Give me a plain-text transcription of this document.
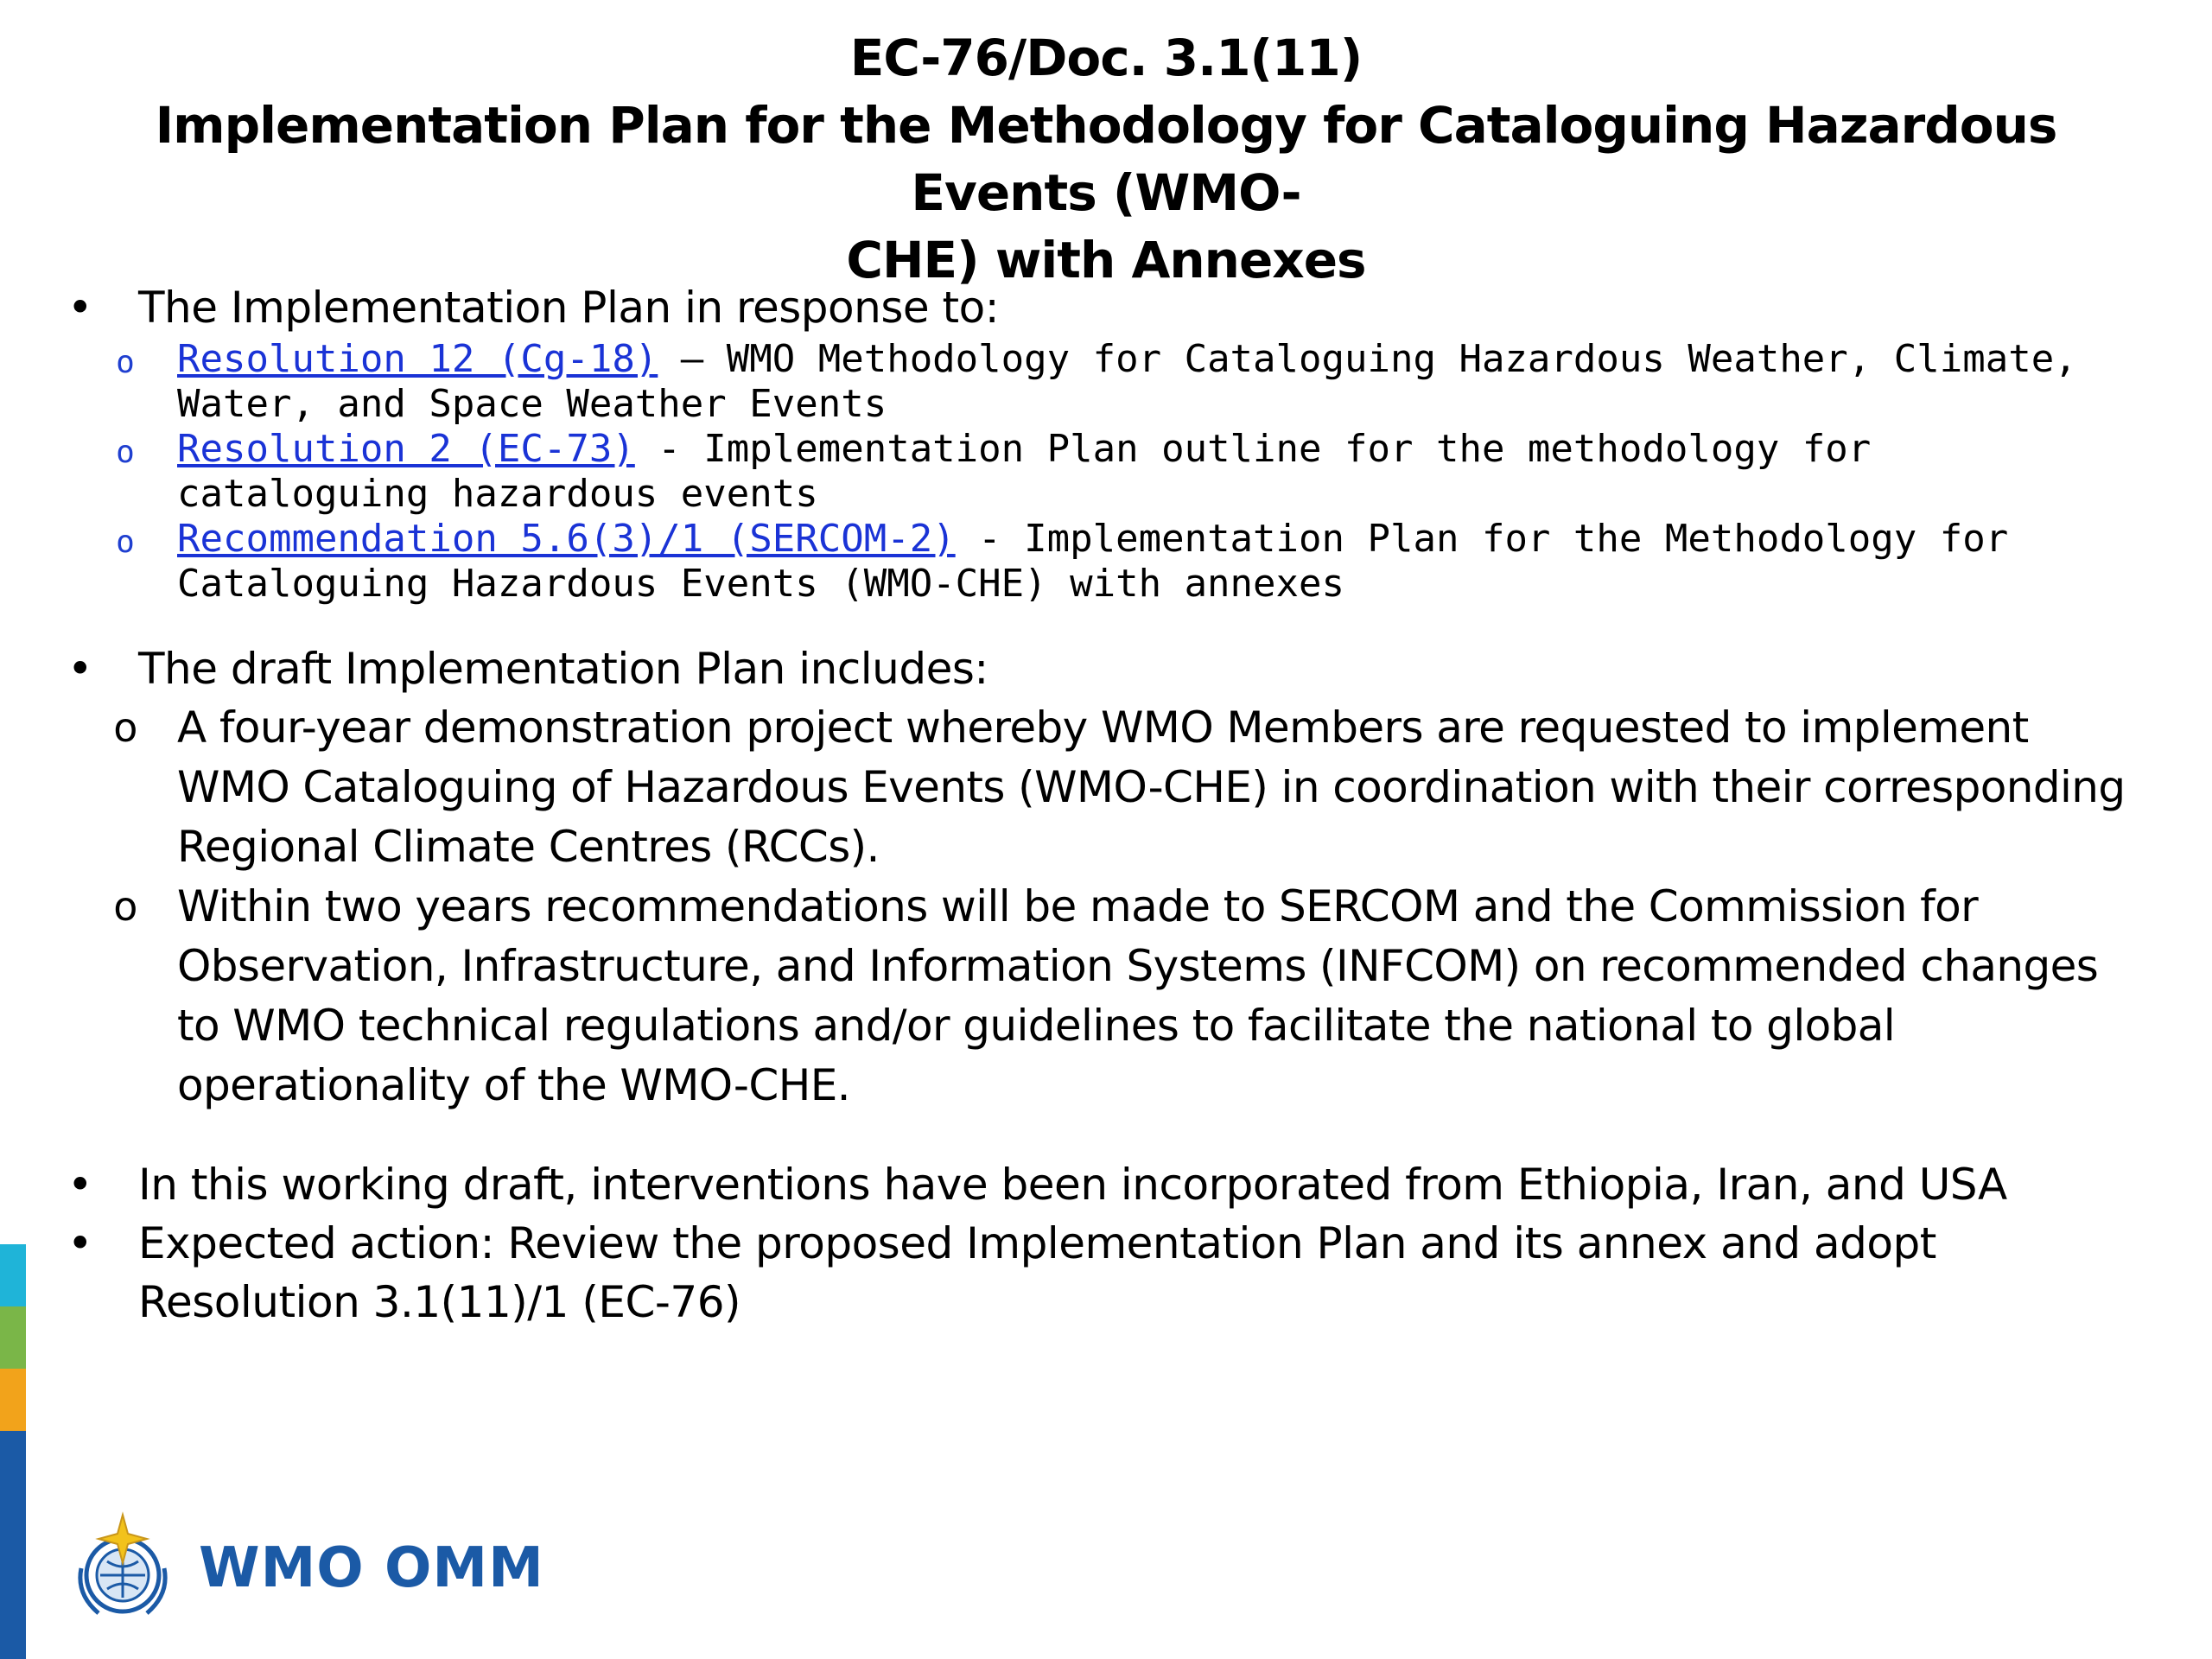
EC-76/Doc. 3.1(11)
Implementation Plan for the Methodology for Cataloguing Hazardous Events (WMO-
CHE) with Annexes
• The Implementation Plan in response to:
o Resolution 12 (Cg-18) – WMO Methodology for Cataloguing Hazardous Weather, Climate, Water, and Space Weather Events
o Resolution 2 (EC-73) - Implementation Plan outline for the methodology for cataloguing hazardous events
o Recommendation 5.6(3)/1 (SERCOM-2) - Implementation Plan for the Methodology for Cataloguing Hazardous Events (WMO-CHE) with annexes
• The draft Implementation Plan includes:
o A four-year demonstration project whereby WMO Members are requested to implement WMO Cataloguing of Hazardous Events (WMO-CHE) in coordination with their corresponding Regional Climate Centres (RCCs).
o Within two years recommendations will be made to SERCOM and the Commission for Observation, Infrastructure, and Information Systems (INFCOM) on recommended changes to WMO technical regulations and/or guidelines to facilitate the national to global operationality of the WMO-CHE.
• In this working draft, interventions have been incorporated from Ethiopia, Iran, and USA
• Expected action: Review the proposed Implementation Plan and its annex and adopt Resolution 3.1(11)/1 (EC-76)
WMO OMM
